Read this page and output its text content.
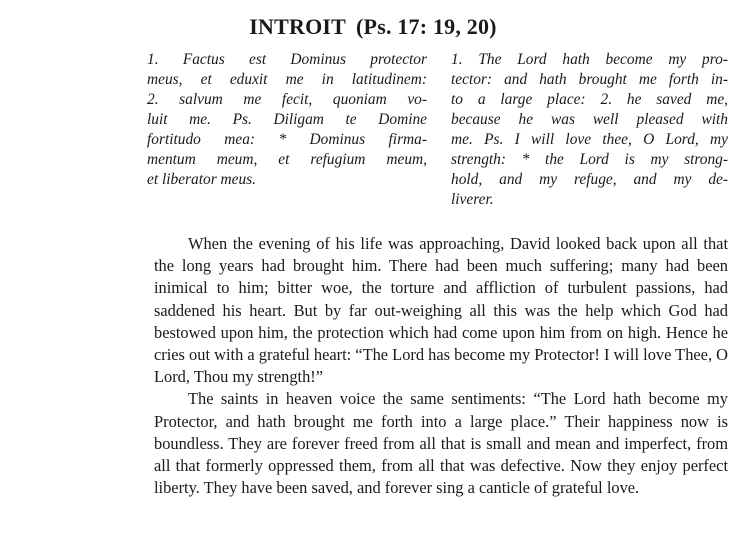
INTROIT (Ps. 17: 19, 20)
1. Factus est Dominus protector
meus, et eduxit me in latitudinem:
2. salvum me fecit, quoniam vo-
luit me. Ps. Diligam te Domine
fortitudo mea: * Dominus firma-
mentum meum, et refugium meum,
et liberator meus.
1. The Lord hath become my pro-
tector: and hath brought me forth in-
to a large place: 2. he saved me,
because he was well pleased with
me. Ps. I will love thee, O Lord, my
strength: * the Lord is my strong-
hold, and my refuge, and my de-
liverer.

When the evening of his life was approaching, David looked back upon all that the long years had brought him. There had been much suffering; many had been inimical to him; bitter woe, the torture and affliction of turbulent passions, had saddened his heart. But by far out-weighing all this was the help which God had bestowed upon him, the protection which had come upon him from on high. Hence he cries out with a grateful heart: “The Lord has become my Protector! I will love Thee, O Lord, Thou my strength!”

The saints in heaven voice the same sentiments: “The Lord hath become my Protector, and hath brought me forth into a large place.” Their happiness now is boundless. They are forever freed from all that is small and mean and imperfect, from all that formerly oppressed them, from all that was defective. Now they enjoy perfect liberty. They have been saved, and forever sing a canticle of grateful love.
